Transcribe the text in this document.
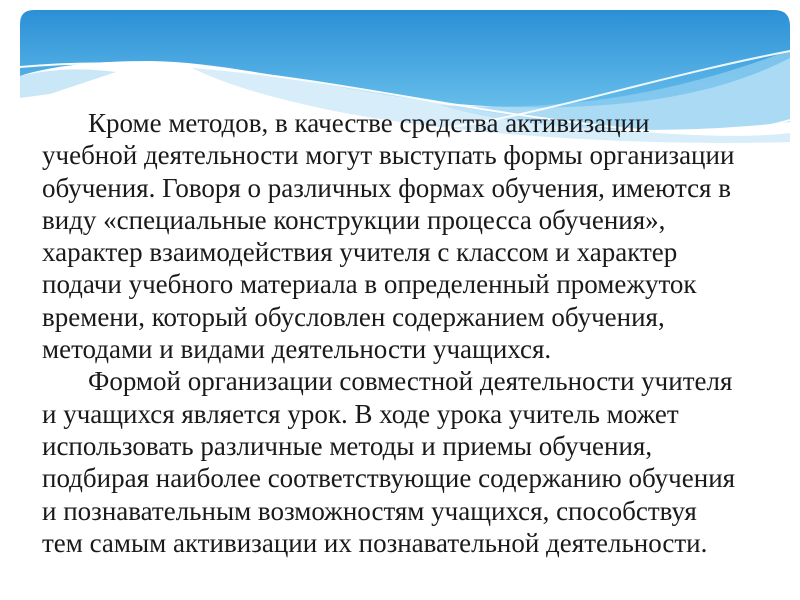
Кроме методов, в качестве средства активизации
учебной деятельности могут выступать формы организации
обучения. Говоря о различных формах обучения, имеются в
виду «специальные конструкции процесса обучения»,
характер взаимодействия учителя с классом и характер
подачи учебного материала в определенный промежуток
времени, который обусловлен содержанием обучения,
методами и видами деятельности учащихся.
Формой организации совместной деятельности учителя
и учащихся является урок. В ходе урока учитель может
использовать различные методы и приемы обучения,
подбирая наиболее соответствующие содержанию обучения
и познавательным возможностям учащихся, способствуя
тем самым активизации их познавательной деятельности.
